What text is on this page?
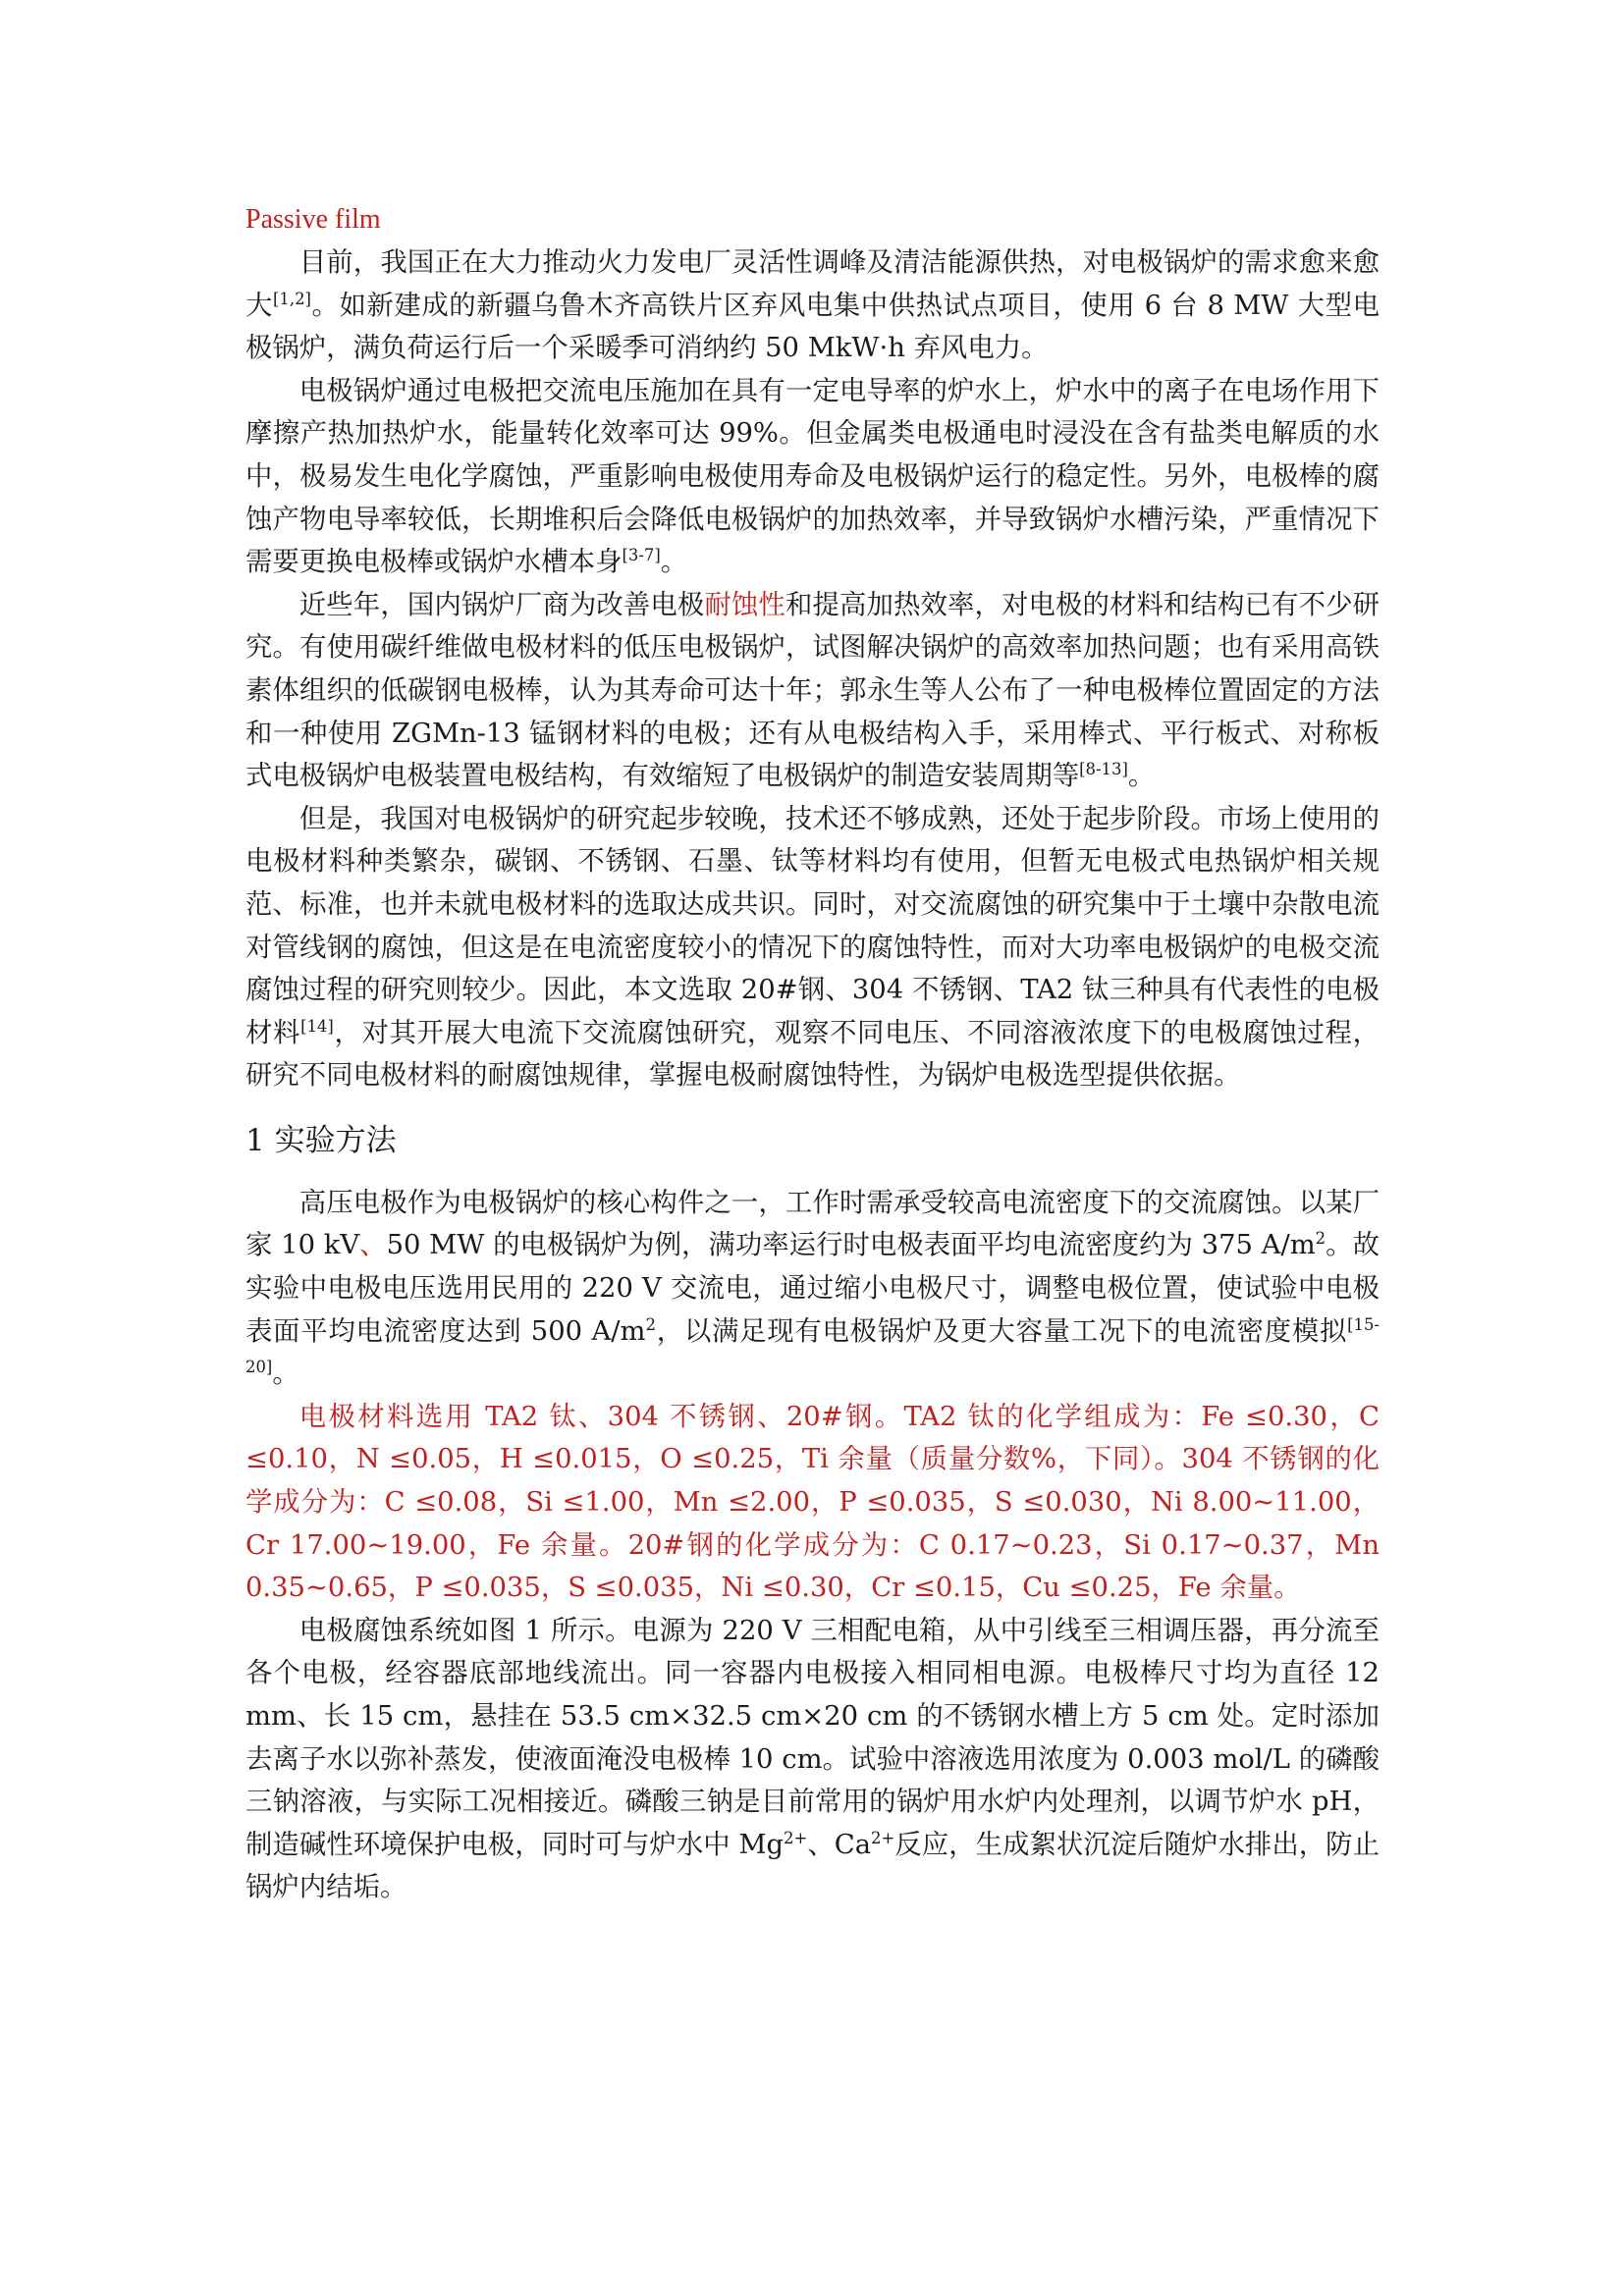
Passive film

目前，我国正在大力推动火力发电厂灵活性调峰及清洁能源供热，对电极锅炉的需求愈来愈大[1,2]。如新建成的新疆乌鲁木齐高铁片区弃风电集中供热试点项目，使用 6 台 8 MW 大型电极锅炉，满负荷运行后一个采暖季可消纳约 50 MkW·h 弃风电力。

电极锅炉通过电极把交流电压施加在具有一定电导率的炉水上，炉水中的离子在电场作用下摩擦产热加热炉水，能量转化效率可达 99%。但金属类电极通电时浸没在含有盐类电解质的水中，极易发生电化学腐蚀，严重影响电极使用寿命及电极锅炉运行的稳定性。另外，电极棒的腐蚀产物电导率较低，长期堆积后会降低电极锅炉的加热效率，并导致锅炉水槽污染，严重情况下需要更换电极棒或锅炉水槽本身[3-7]。

近些年，国内锅炉厂商为改善电极耐蚀性和提高加热效率，对电极的材料和结构已有不少研究。有使用碳纤维做电极材料的低压电极锅炉，试图解决锅炉的高效率加热问题；也有采用高铁素体组织的低碳钢电极棒，认为其寿命可达十年；郭永生等人公布了一种电极棒位置固定的方法和一种使用 ZGMn-13 锰钢材料的电极；还有从电极结构入手，采用棒式、平行板式、对称板式电极锅炉电极装置电极结构，有效缩短了电极锅炉的制造安装周期等[8-13]。

但是，我国对电极锅炉的研究起步较晚，技术还不够成熟，还处于起步阶段。市场上使用的电极材料种类繁杂，碳钢、不锈钢、石墨、钛等材料均有使用，但暂无电极式电热锅炉相关规范、标准，也并未就电极材料的选取达成共识。同时，对交流腐蚀的研究集中于土壤中杂散电流对管线钢的腐蚀，但这是在电流密度较小的情况下的腐蚀特性，而对大功率电极锅炉的电极交流腐蚀过程的研究则较少。因此，本文选取 20#钢、304 不锈钢、TA2 钛三种具有代表性的电极材料[14]，对其开展大电流下交流腐蚀研究，观察不同电压、不同溶液浓度下的电极腐蚀过程，研究不同电极材料的耐腐蚀规律，掌握电极耐腐蚀特性，为锅炉电极选型提供依据。

1 实验方法

高压电极作为电极锅炉的核心构件之一，工作时需承受较高电流密度下的交流腐蚀。以某厂家 10 kV、50 MW 的电极锅炉为例，满功率运行时电极表面平均电流密度约为 375 $A/m^2$。故实验中电极电压选用民用的 220 V 交流电，通过缩小电极尺寸，调整电极位置，使试验中电极表面平均电流密度达到 500 $A/m^2$，以满足现有电极锅炉及更大容量工况下的电流密度模拟[15-20]。

电极材料选用 TA2 钛、304 不锈钢、20#钢。TA2 钛的化学组成为：Fe ≤0.30，C ≤0.10，N ≤0.05，H ≤0.015，O ≤0.25，Ti 余量（质量分数%，下同）。304 不锈钢的化学成分为：C ≤0.08，Si ≤1.00，Mn ≤2.00，P ≤0.035，S ≤0.030，Ni 8.00~11.00，Cr 17.00~19.00，Fe 余量。20#钢的化学成分为：C 0.17~0.23，Si 0.17~0.37，Mn 0.35~0.65，P ≤0.035，S ≤0.035，Ni ≤0.30，Cr ≤0.15，Cu ≤0.25，Fe 余量。

电极腐蚀系统如图 1 所示。电源为 220 V 三相配电箱，从中引线至三相调压器，再分流至各个电极，经容器底部地线流出。同一容器内电极接入相同相电源。电极棒尺寸均为直径 12 mm、长 15 cm，悬挂在 53.5 cm×32.5 cm×20 cm 的不锈钢水槽上方 5 cm 处。定时添加去离子水以弥补蒸发，使液面淹没电极棒 10 cm。试验中溶液选用浓度为 0.003 mol/L 的磷酸三钠溶液，与实际工况相接近。磷酸三钠是目前常用的锅炉用水炉内处理剂，以调节炉水 pH，制造碱性环境保护电极，同时可与炉水中 $Mg^{2+}$、$Ca^{2+}$反应，生成絮状沉淀后随炉水排出，防止锅炉内结垢。
